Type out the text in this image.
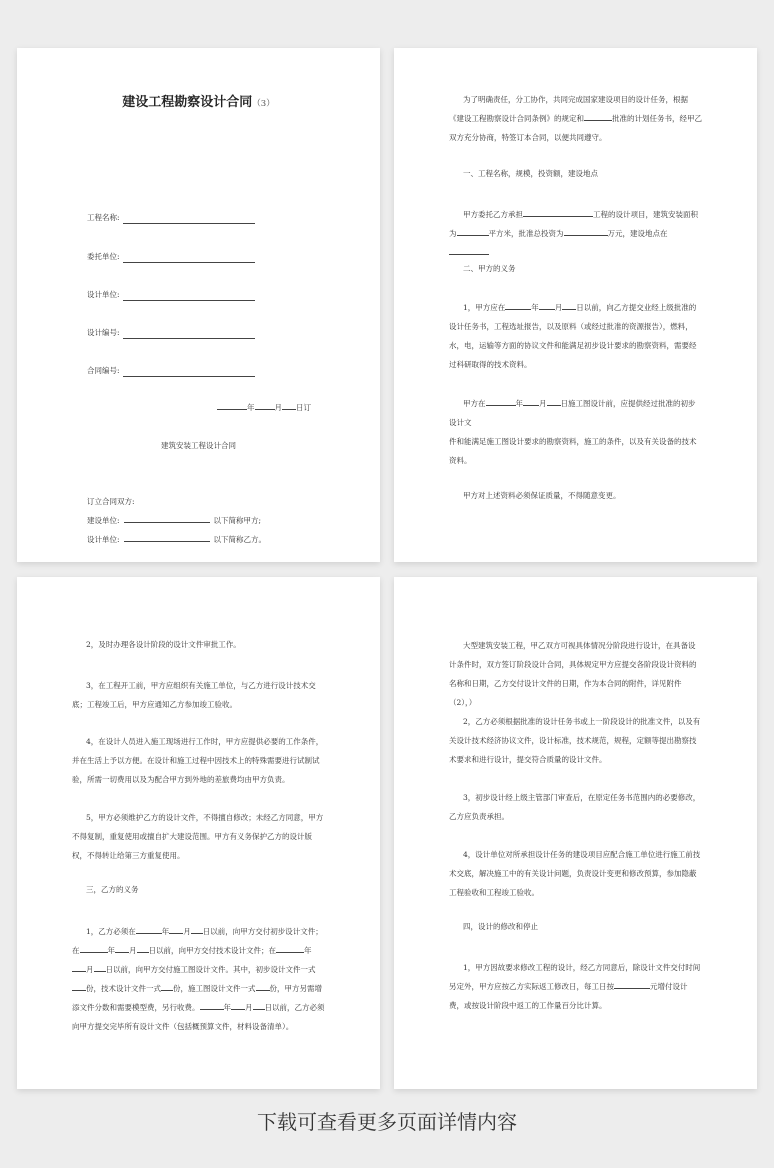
建设工程勘察设计合同（3）
工程名称:
委托单位:
设计单位:
设计编号:
合同编号:
年	月 日订
建筑安装工程设计合同
订立合同双方:
建设单位:	以下简称甲方;
设计单位:	以下简称乙方。
为了明确责任，分工协作，共同完成国家建设项目的设计任务，根据《建设工程勘察设计合同条例》的规定和	批准的计划任务书，经甲乙双方充分协商，特签订本合同，以便共同遵守。
一、工程名称，规模，投资额，建设地点
甲方委托乙方承担	工程的设计项目，建筑安装面积为	平方米，批准总投资为	万元，建设地点在
二、甲方的义务
1，甲方应在	年 月 日以前，向乙方提交业经上级批准的设计任务书，工程选址报告，以及原料（或经过批准的资源报告），燃料，水，电，运输等方面的协议文件和能满足初步设计要求的勘察资料，需要经过科研取得的技术资料。
甲方在	年 月 日施工图设计前，应提供经过批准的初步设计文
件和能满足施工图设计要求的勘察资料，施工的条件，以及有关设备的技术资料。
甲方对上述资料必须保证质量，不得随意变更。
2，及时办理各设计阶段的设计文件审批工作。
3，在工程开工前，甲方应组织有关施工单位，与乙方进行设计技术交底；工程竣工后，甲方应通知乙方参加竣工验收。
4，在设计人员进入施工现场进行工作时，甲方应提供必要的工作条件，并在生活上予以方便。在设计和施工过程中因技术上的特殊需要进行试制试验，所需一切费用以及为配合甲方到外地的差旅费均由甲方负责。
5，甲方必须维护乙方的设计文件，不得擅自修改；未经乙方同意，甲方不得复制，重复使用或擅自扩大建设范围。甲方有义务保护乙方的设计版权，不得转让给第三方重复使用。
三，乙方的义务
1，乙方必须在	年 月 日以前，向甲方交付初步设计文件；在	年 月 日以前，向甲方交付技术设计文件；在	年月 日以前，向甲方交付施工图设计文件。其中，初步设计文件一式份，技术设计文件一式 份，施工图设计文件一式 份，甲方另需增添文件分数和需要模型费，另行收费。	年 月 日以前，乙方必须向甲方提交完毕所有设计文件（包括概预算文件，材料设备清单）。
大型建筑安装工程，甲乙双方可视具体情况分阶段进行设计，在具备设计条件时，双方签订阶段设计合同，具体规定甲方应提交各阶段设计资料的名称和日期，乙方交付设计文件的日期，作为本合同的附件，详见附件（2），）
2，乙方必须根据批准的设计任务书或上一阶段设计的批准文件，以及有关设计技术经济协议文件，设计标准，技术规范，规程，定额等提出勘察技术要求和进行设计，提交符合质量的设计文件。
3，初步设计经上级主管部门审查后，在原定任务书范围内的必要修改，乙方应负责承担。
4，设计单位对所承担设计任务的建设项目应配合施工单位进行施工前技术交底，解决施工中的有关设计问题，负责设计变更和修改预算，参加隐蔽工程验收和工程竣工验收。
四，设计的修改和停止
1，甲方因故要求修改工程的设计，经乙方同意后，除设计文件交付时间另定外，甲方应按乙方实际返工修改日，每工日按	元增付设计费，或按设计阶段中返工的工作量百分比计算。
下载可查看更多页面详情内容
